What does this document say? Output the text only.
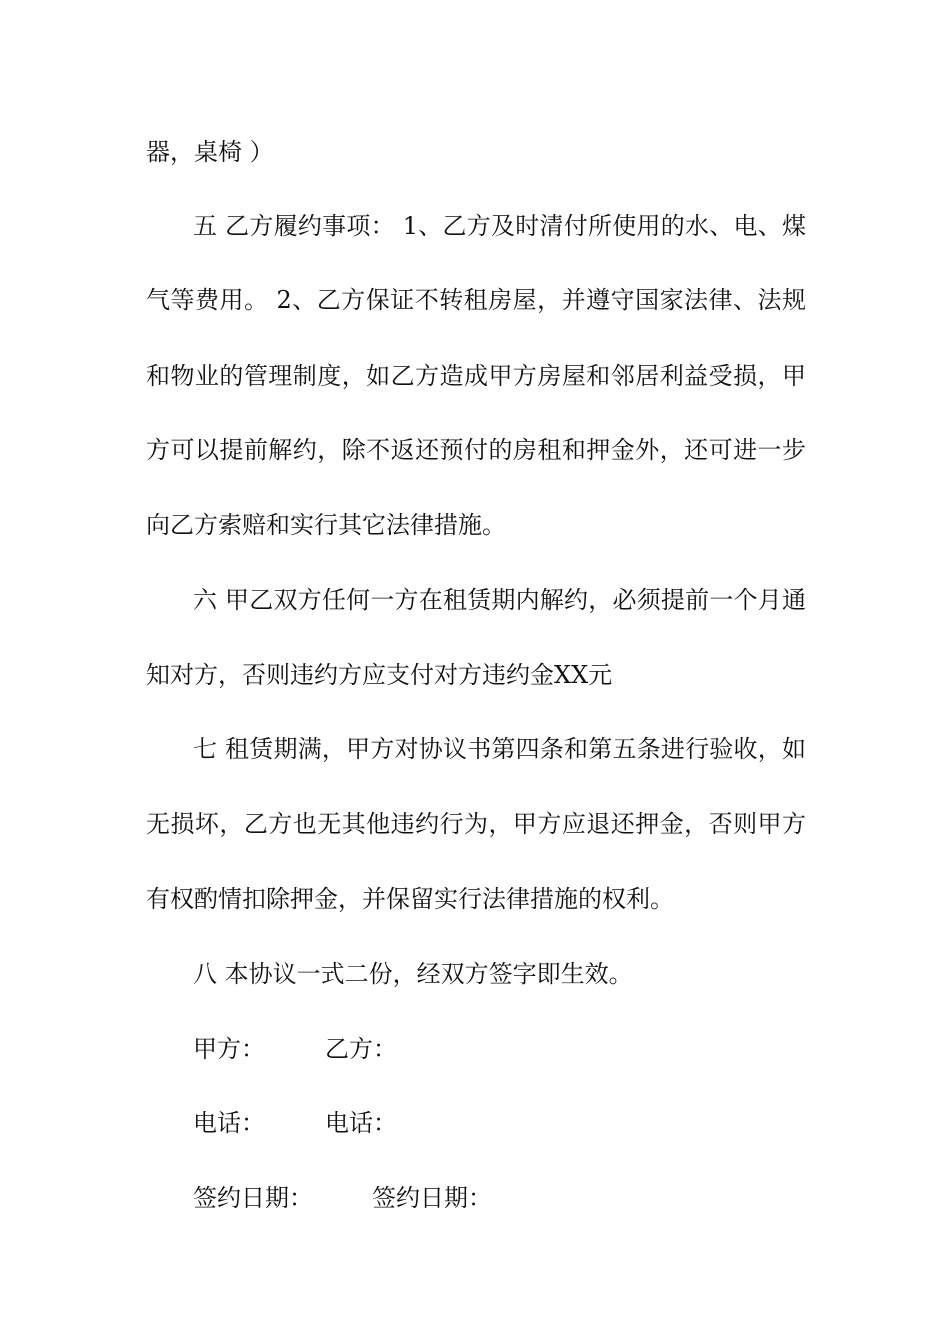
器，桌椅 ）
五 乙方履约事项： 1、乙方及时清付所使用的水、电、煤
气等费用。 2、乙方保证不转租房屋，并遵守国家法律、法规
和物业的管理制度，如乙方造成甲方房屋和邻居利益受损，甲
方可以提前解约，除不返还预付的房租和押金外，还可进一步
向乙方索赔和实行其它法律措施。
六 甲乙双方任何一方在租赁期内解约，必须提前一个月通
知对方，否则违约方应支付对方违约金XX元
七 租赁期满，甲方对协议书第四条和第五条进行验收，如
无损坏，乙方也无其他违约行为，甲方应退还押金，否则甲方
有权酌情扣除押金，并保留实行法律措施的权利。
八 本协议一式二份，经双方签字即生效。
甲方：	乙方：
电话：	电话：
签约日期： 签约日期：
